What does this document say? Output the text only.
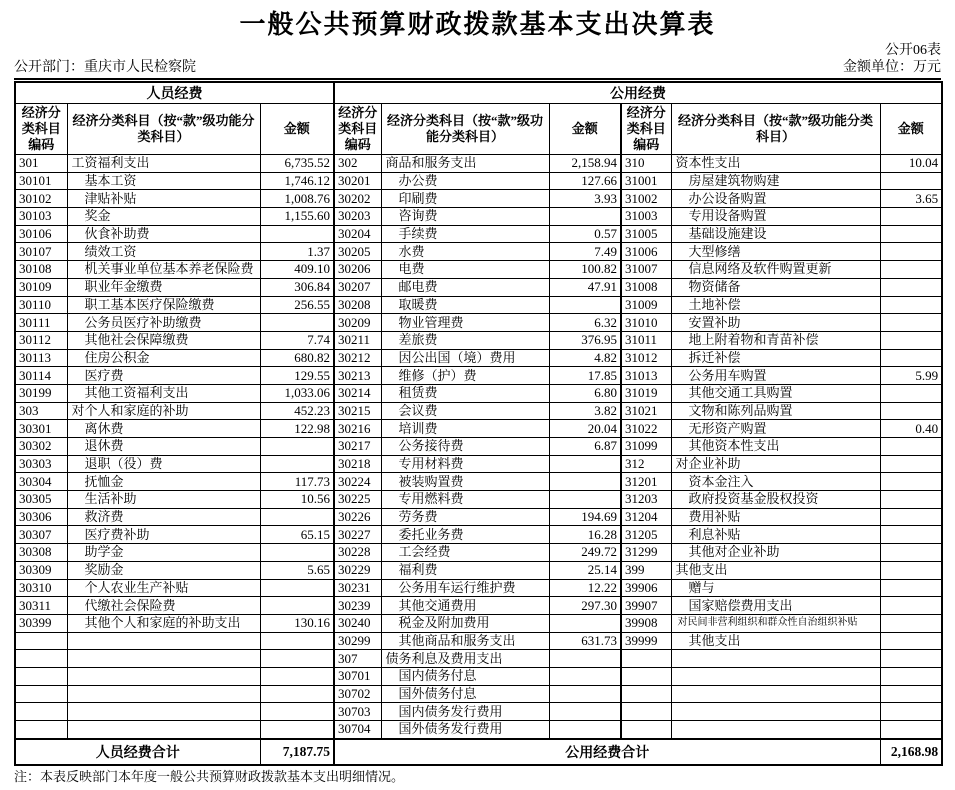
一般公共预算财政拨款基本支出决算表
公开06表
公开部门：重庆市人民检察院	金额单位：万元
人员经费			公用经费					
经济分类科目编码	经济分类科目（按“款”级功能分类科目）	金额	经济分类科目编码	经济分类科目（按“款”级功能分类科目）	金额	经济分类科目编码	经济分类科目（按“款”级功能分类科目）	金额
301	工资福利支出	6,735.52	302	商品和服务支出	2,158.94	310	资本性支出	10.04
30101	基本工资	1,746.12	30201	办公费	127.66	31001	房屋建筑物购建	
30102	津贴补贴	1,008.76	30202	印刷费	3.93	31002	办公设备购置	3.65
30103	奖金	1,155.60	30203	咨询费		31003	专用设备购置	
30106	伙食补助费		30204	手续费	0.57	31005	基础设施建设	
30107	绩效工资	1.37	30205	水费	7.49	31006	大型修缮	
30108	机关事业单位基本养老保险费	409.10	30206	电费	100.82	31007	信息网络及软件购置更新	
30109	职业年金缴费	306.84	30207	邮电费	47.91	31008	物资储备	
30110	职工基本医疗保险缴费	256.55	30208	取暖费		31009	土地补偿	
30111	公务员医疗补助缴费		30209	物业管理费	6.32	31010	安置补助	
30112	其他社会保障缴费	7.74	30211	差旅费	376.95	31011	地上附着物和青苗补偿	
30113	住房公积金	680.82	30212	因公出国（境）费用	4.82	31012	拆迁补偿	
30114	医疗费	129.55	30213	维修（护）费	17.85	31013	公务用车购置	5.99
30199	其他工资福利支出	1,033.06	30214	租赁费	6.80	31019	其他交通工具购置	
303	对个人和家庭的补助	452.23	30215	会议费	3.82	31021	文物和陈列品购置	
30301	离休费	122.98	30216	培训费	20.04	31022	无形资产购置	0.40
30302	退休费		30217	公务接待费	6.87	31099	其他资本性支出	
30303	退职（役）费		30218	专用材料费		312	对企业补助	
30304	抚恤金	117.73	30224	被装购置费		31201	资本金注入	
30305	生活补助	10.56	30225	专用燃料费		31203	政府投资基金股权投资	
30306	救济费		30226	劳务费	194.69	31204	费用补贴	
30307	医疗费补助	65.15	30227	委托业务费	16.28	31205	利息补贴	
30308	助学金		30228	工会经费	249.72	31299	其他对企业补助	
30309	奖励金	5.65	30229	福利费	25.14	399	其他支出	
30310	个人农业生产补贴		30231	公务用车运行维护费	12.22	39906	赠与	
30311	代缴社会保险费		30239	其他交通费用	297.30	39907	国家赔偿费用支出	
30399	其他个人和家庭的补助支出	130.16	30240	税金及附加费用		39908	对民间非营利组织和群众性自治组织补贴	
			30299	其他商品和服务支出	631.73	39999	其他支出	
			307	债务利息及费用支出				
			30701	国内债务付息				
			30702	国外债务付息				
			30703	国内债务发行费用				
			30704	国外债务发行费用				
人员经费合计		7,187.75	公用经费合计					2,168.98
注：本表反映部门本年度一般公共预算财政拨款基本支出明细情况。
